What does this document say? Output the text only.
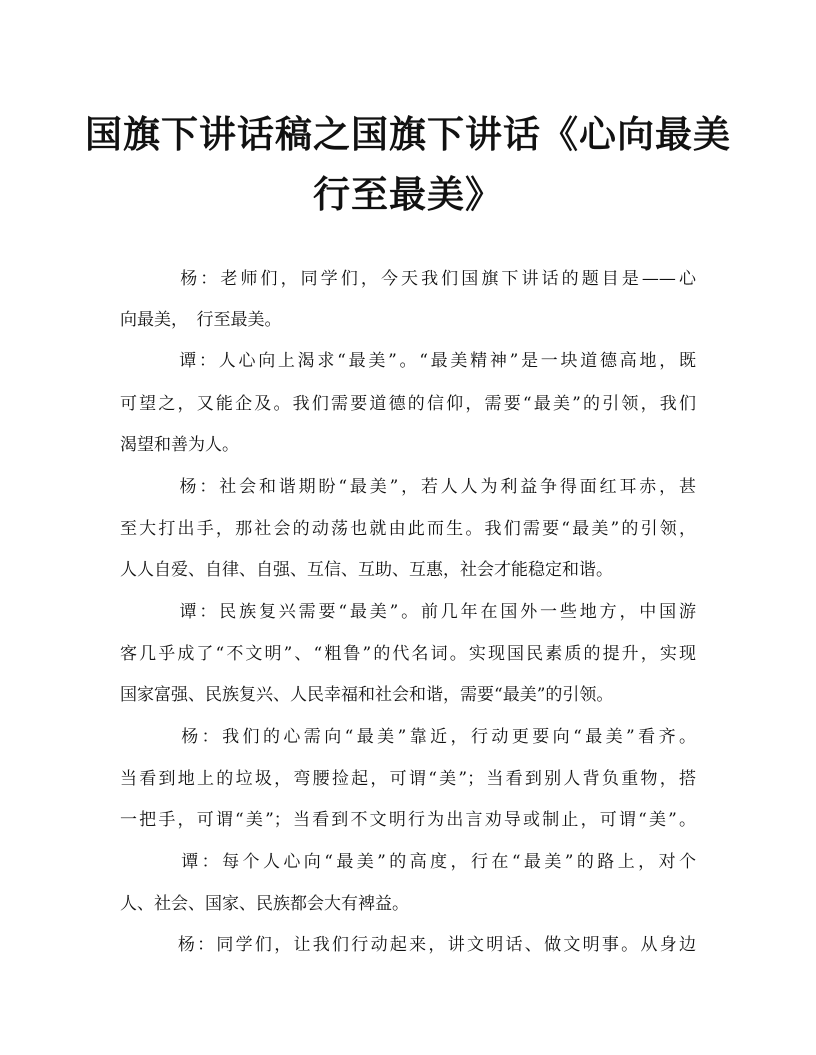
国旗下讲话稿之国旗下讲话《心向最美
行至最美》
　　　杨：老师们，同学们，今天我们国旗下讲话的题目是——心
向最美，　行至最美。
　　　谭：人心向上渴求“最美”。“最美精神”是一块道德高地，既
可望之，又能企及。我们需要道德的信仰，需要“最美”的引领，我们
渴望和善为人。
　　　杨：社会和谐期盼“最美”，若人人为利益争得面红耳赤，甚
至大打出手，那社会的动荡也就由此而生。我们需要“最美”的引领，
人人自爱、自律、自强、互信、互助、互惠，社会才能稳定和谐。
　　　谭：民族复兴需要“最美”。前几年在国外一些地方，中国游
客几乎成了“不文明”、“粗鲁”的代名词。实现国民素质的提升，实现
国家富强、民族复兴、人民幸福和社会和谐，需要“最美”的引领。
　　　杨：我们的心需向“最美”靠近，行动更要向“最美”看齐。
当看到地上的垃圾，弯腰捡起，可谓“美”；当看到别人背负重物，搭
一把手，可谓“美”；当看到不文明行为出言劝导或制止，可谓“美”。
　　　谭：每个人心向“最美”的高度，行在“最美”的路上，对个
人、社会、国家、民族都会大有裨益。
　　　杨：同学们，让我们行动起来，讲文明话、做文明事。从身边
